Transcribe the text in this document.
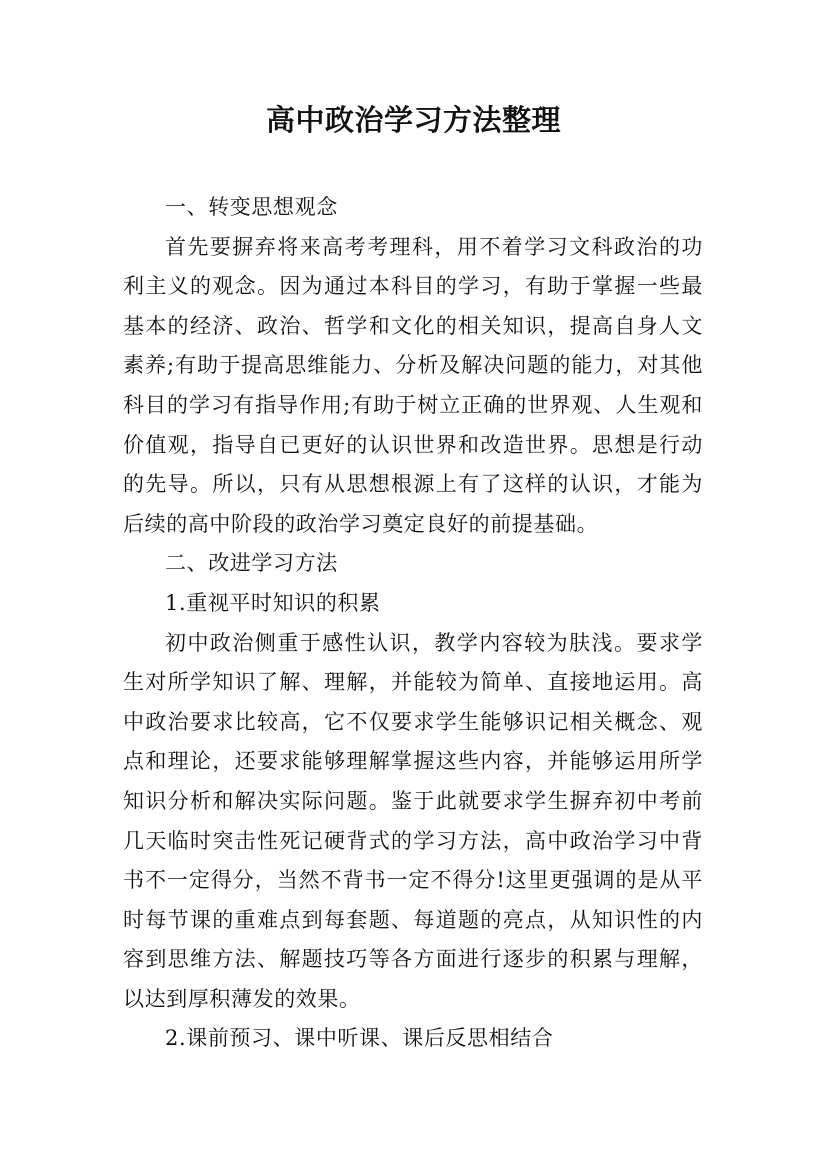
高中政治学习方法整理

一、转变思想观念

首先要摒弃将来高考考理科，用不着学习文科政治的功利主义的观念。因为通过本科目的学习，有助于掌握一些最基本的经济、政治、哲学和文化的相关知识，提高自身人文素养;有助于提高思维能力、分析及解决问题的能力，对其他科目的学习有指导作用;有助于树立正确的世界观、人生观和价值观，指导自已更好的认识世界和改造世界。思想是行动的先导。所以，只有从思想根源上有了这样的认识，才能为后续的高中阶段的政治学习奠定良好的前提基础。

二、改进学习方法

1.重视平时知识的积累

初中政治侧重于感性认识，教学内容较为肤浅。要求学生对所学知识了解、理解，并能较为简单、直接地运用。高中政治要求比较高，它不仅要求学生能够识记相关概念、观点和理论，还要求能够理解掌握这些内容，并能够运用所学知识分析和解决实际问题。鉴于此就要求学生摒弃初中考前几天临时突击性死记硬背式的学习方法，高中政治学习中背书不一定得分，当然不背书一定不得分!这里更强调的是从平时每节课的重难点到每套题、每道题的亮点，从知识性的内容到思维方法、解题技巧等各方面进行逐步的积累与理解，以达到厚积薄发的效果。

2.课前预习、课中听课、课后反思相结合
